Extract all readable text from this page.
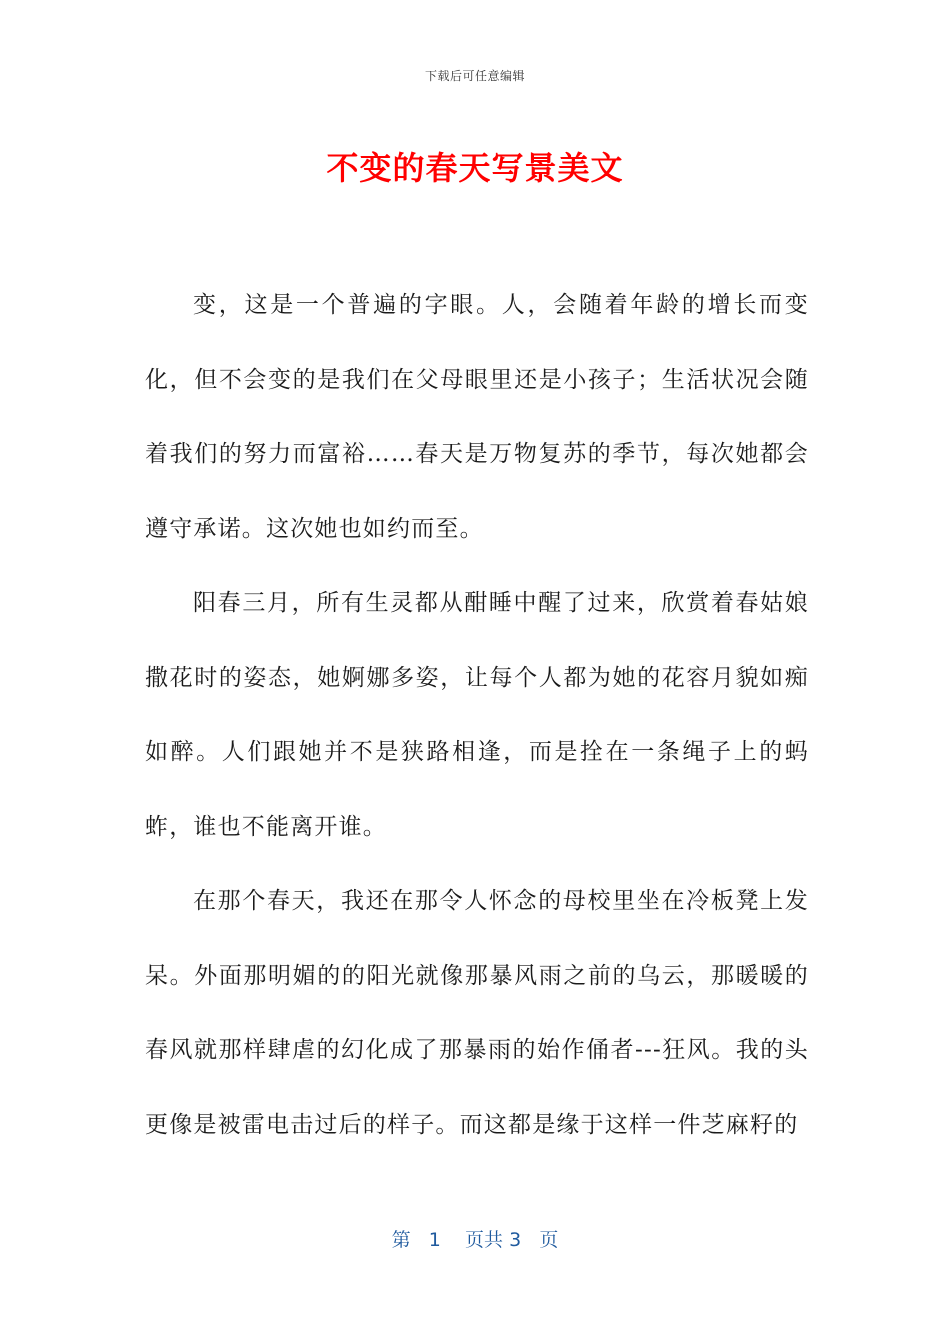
下载后可任意编辑
不变的春天写景美文

变，这是一个普遍的字眼。人，会随着年龄的增长而变化，但不会变的是我们在父母眼里还是小孩子；生活状况会随着我们的努力而富裕……春天是万物复苏的季节，每次她都会遵守承诺。这次她也如约而至。

阳春三月，所有生灵都从酣睡中醒了过来，欣赏着春姑娘撒花时的姿态，她婀娜多姿，让每个人都为她的花容月貌如痴如醉。人们跟她并不是狭路相逢，而是拴在一条绳子上的蚂蚱，谁也不能离开谁。

在那个春天，我还在那令人怀念的母校里坐在冷板凳上发呆。外面那明媚的的阳光就像那暴风雨之前的乌云，那暖暖的春风就那样肆虐的幻化成了那暴雨的始作俑者---狂风。我的头更像是被雷电击过后的样子。而这都是缘于这样一件芝麻籽的

第 1 页共 3 页
